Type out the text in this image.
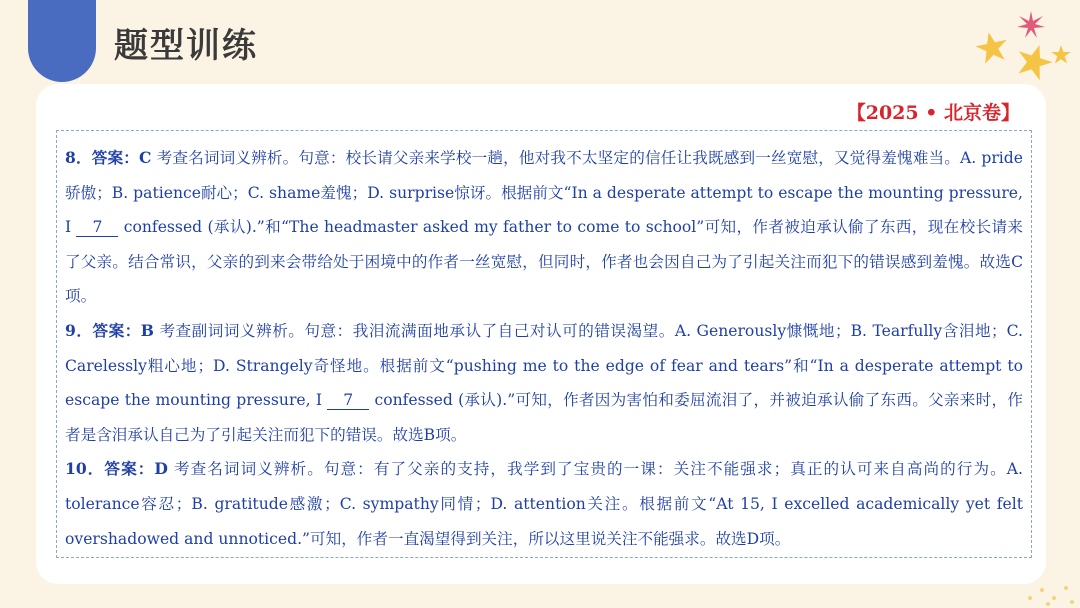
题型训练
【2025 • 北京卷】

8．答案：C 考查名词词义辨析。句意：校长请父亲来学校一趟，他对我不太坚定的信任让我既感到一丝宽慰，又觉得羞愧难当。A. pride骄傲；B. patience耐心；C. shame羞愧；D. surprise惊讶。根据前文“In a desperate attempt to escape the mounting pressure, I 7 confessed (承认).”和“The headmaster asked my father to come to school”可知，作者被迫承认偷了东西，现在校长请来了父亲。结合常识，父亲的到来会带给处于困境中的作者一丝宽慰，但同时，作者也会因自己为了引起关注而犯下的错误感到羞愧。故选C项。

9．答案：B 考查副词词义辨析。句意：我泪流满面地承认了自己对认可的错误渴望。A. Generously慷慨地；B. Tearfully含泪地；C. Carelessly粗心地；D. Strangely奇怪地。根据前文“pushing me to the edge of fear and tears”和“In a desperate attempt to escape the mounting pressure, I 7 confessed (承认).”可知，作者因为害怕和委屈流泪了，并被迫承认偷了东西。父亲来时，作者是含泪承认自己为了引起关注而犯下的错误。故选B项。

10．答案：D 考查名词词义辨析。句意：有了父亲的支持，我学到了宝贵的一课：关注不能强求；真正的认可来自高尚的行为。A. tolerance容忍；B. gratitude感激；C. sympathy同情；D. attention关注。根据前文“At 15, I excelled academically yet felt overshadowed and unnoticed.”可知，作者一直渴望得到关注，所以这里说关注不能强求。故选D项。
